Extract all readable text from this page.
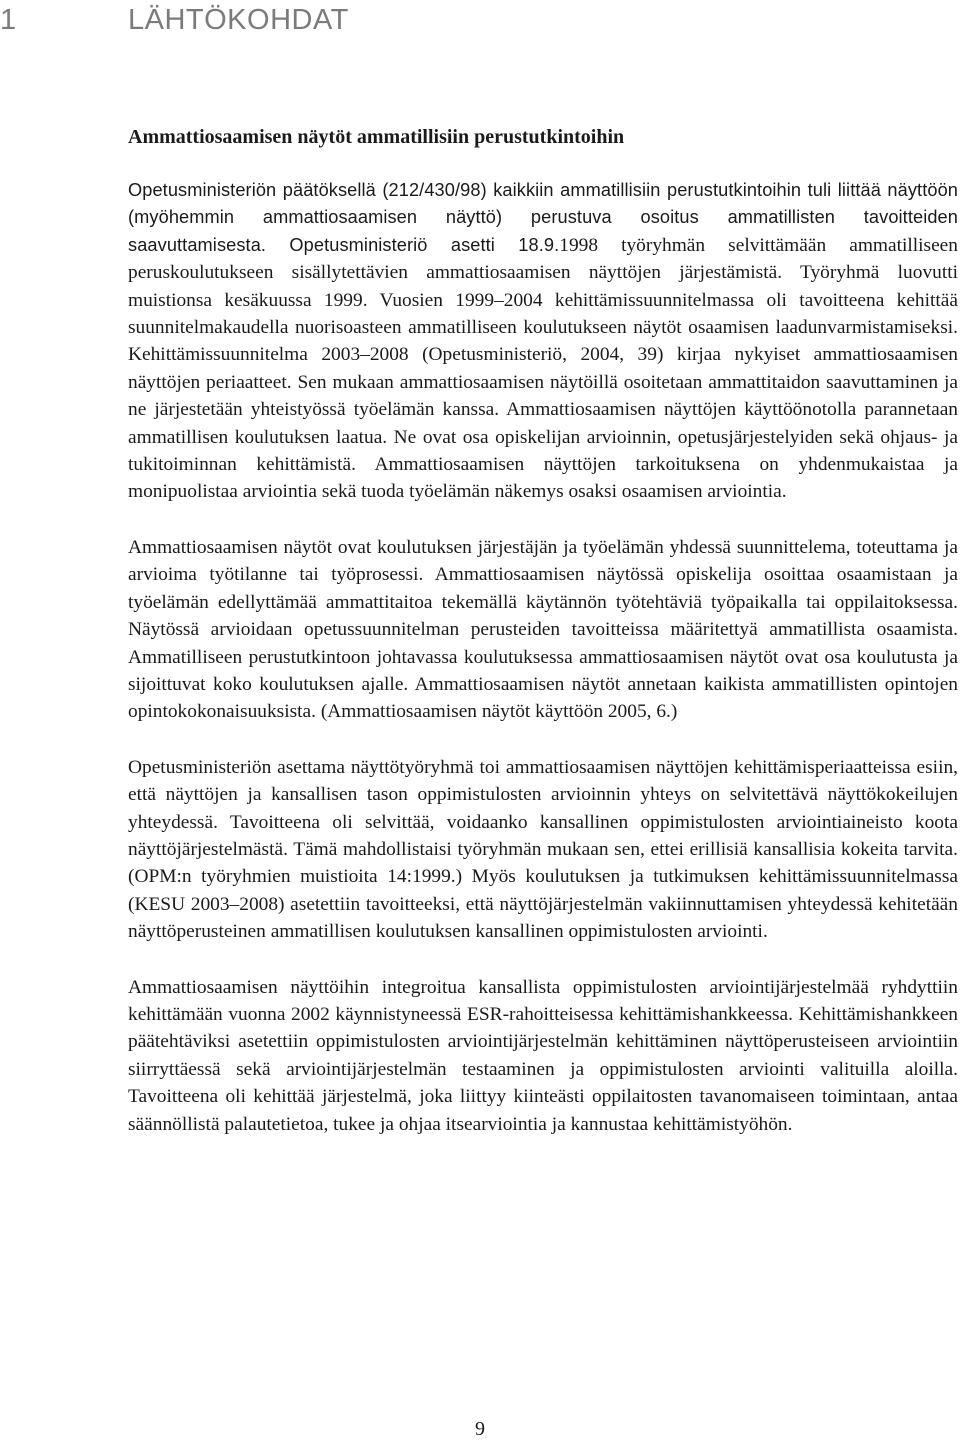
1	LÄHTÖKOHDAT
Ammattiosaamisen näytöt ammatillisiin perustutkintoihin

Opetusministeriön päätöksellä (212/430/98) kaikkiin ammatillisiin perustutkintoihin tuli liittää näyttöön (myöhemmin ammattiosaamisen näyttö) perustuva osoitus ammatillisten tavoitteiden saavuttamisesta. Opetusministeriö asetti 18.9.1998 työryhmän selvittämään ammatilliseen peruskoulutukseen sisällytettävien ammattiosaamisen näyttöjen järjestämistä. Työryhmä luovutti muistionsa kesäkuussa 1999. Vuosien 1999–2004 kehittämissuunnitelmassa oli tavoitteena kehittää suunnitelmakaudella nuorisoasteen ammatilliseen koulutukseen näytöt osaamisen laadunvarmistamiseksi. Kehittämissuunnitelma 2003–2008 (Opetusministeriö, 2004, 39) kirjaa nykyiset ammattiosaamisen näyttöjen periaatteet. Sen mukaan ammattiosaamisen näytöillä osoitetaan ammattitaidon saavuttaminen ja ne järjestetään yhteistyössä työelämän kanssa. Ammattiosaamisen näyttöjen käyttöönotolla parannetaan ammatillisen koulutuksen laatua. Ne ovat osa opiskelijan arvioinnin, opetusjärjestelyiden sekä ohjaus- ja tukitoiminnan kehittämistä. Ammattiosaamisen näyttöjen tarkoituksena on yhdenmukaistaa ja monipuolistaa arviointia sekä tuoda työelämän näkemys osaksi osaamisen arviointia.

Ammattiosaamisen näytöt ovat koulutuksen järjestäjän ja työelämän yhdessä suunnittelema, toteuttama ja arvioima työtilanne tai työprosessi. Ammattiosaamisen näytössä opiskelija osoittaa osaamistaan ja työelämän edellyttämää ammattitaitoa tekemällä käytännön työtehtäviä työpaikalla tai oppilaitoksessa. Näytössä arvioidaan opetussuunnitelman perusteiden tavoitteissa määritettyä ammatillista osaamista. Ammatilliseen perustutkintoon johtavassa koulutuksessa ammattiosaamisen näytöt ovat osa koulutusta ja sijoittuvat koko koulutuksen ajalle. Ammattiosaamisen näytöt annetaan kaikista ammatillisten opintojen opintokokonaisuuksista. (Ammattiosaamisen näytöt käyttöön 2005, 6.)

Opetusministeriön asettama näyttötyöryhmä toi ammattiosaamisen näyttöjen kehittämisperiaatteissa esiin, että näyttöjen ja kansallisen tason oppimistulosten arvioinnin yhteys on selvitettävä näyttökokeilujen yhteydessä. Tavoitteena oli selvittää, voidaanko kansallinen oppimistulosten arviointiaineisto koota näyttöjärjestelmästä. Tämä mahdollistaisi työryhmän mukaan sen, ettei erillisiä kansallisia kokeita tarvita. (OPM:n työryhmien muistioita 14:1999.) Myös koulutuksen ja tutkimuksen kehittämissuunnitelmassa (KESU 2003–2008) asetettiin tavoitteeksi, että näyttöjärjestelmän vakiinnuttamisen yhteydessä kehitetään näyttöperusteinen ammatillisen koulutuksen kansallinen oppimistulosten arviointi.

Ammattiosaamisen näyttöihin integroitua kansallista oppimistulosten arviointijärjestelmää ryhdyttiin kehittämään vuonna 2002 käynnistyneessä ESR-rahoitteisessa kehittämishankkeessa. Kehittämishankkeen päätehtäviksi asetettiin oppimistulosten arviointijärjestelmän kehittäminen näyttöperusteiseen arviointiin siirryttäessä sekä arviointijärjestelmän testaaminen ja oppimistulosten arviointi valituilla aloilla. Tavoitteena oli kehittää järjestelmä, joka liittyy kiinteästi oppilaitosten tavanomaiseen toimintaan, antaa säännöllistä palautetietoa, tukee ja ohjaa itsearviointia ja kannustaa kehittämistyöhön.

9
